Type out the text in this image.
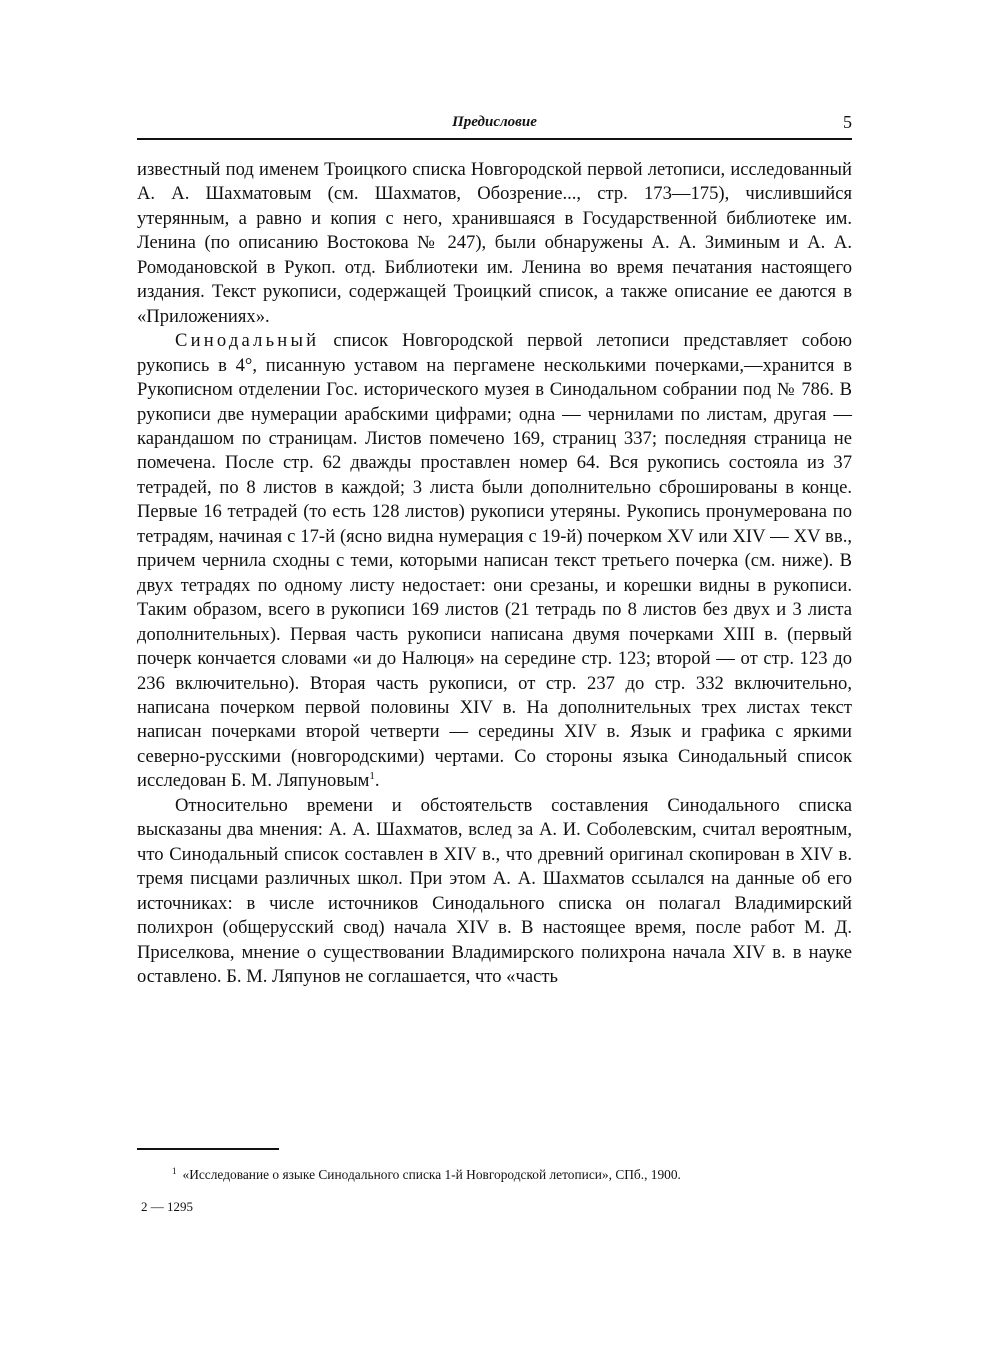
Предисловие	5

известный под именем Троицкого списка Новгородской первой летописи, исследованный А. А. Шахматовым (см. Шахматов, Обозрение..., стр. 173—175), числившийся утерянным, а равно и копия с него, хранившаяся в Государственной библиотеке им. Ленина (по описанию Востокова № 247), были обнаружены А. А. Зиминым и А. А. Ромодановской в Рукоп. отд. Библиотеки им. Ленина во время печатания настоящего издания. Текст рукописи, содержащей Троицкий список, а также описание ее даются в «Приложениях».

Синодальный список Новгородской первой летописи представляет собою рукопись в 4°, писанную уставом на пергамене несколькими почерками,—хранится в Рукописном отделении Гос. исторического музея в Синодальном собрании под № 786. В рукописи две нумерации арабскими цифрами; одна — чернилами по листам, другая — карандашом по страницам. Листов помечено 169, страниц 337; последняя страница не помечена. После стр. 62 дважды проставлен номер 64. Вся рукопись состояла из 37 тетрадей, по 8 листов в каждой; 3 листа были дополнительно сброшированы в конце. Первые 16 тетрадей (то есть 128 листов) рукописи утеряны. Рукопись пронумерована по тетрадям, начиная с 17-й (ясно видна нумерация с 19-й) почерком XV или XIV — XV вв., причем чернила сходны с теми, которыми написан текст третьего почерка (см. ниже). В двух тетрадях по одному листу недостает: они срезаны, и корешки видны в рукописи. Таким образом, всего в рукописи 169 листов (21 тетрадь по 8 листов без двух и 3 листа дополнительных). Первая часть рукописи написана двумя почерками XIII в. (первый почерк кончается словами «и до Налюця» на середине стр. 123; второй — от стр. 123 до 236 включительно). Вторая часть рукописи, от стр. 237 до стр. 332 включительно, написана почерком первой половины XIV в. На дополнительных трех листах текст написан почерками второй четверти — середины XIV в. Язык и графика с яркими северно-русскими (новгородскими) чертами. Со стороны языка Синодальный список исследован Б. М. Ляпуновым$^1$.

Относительно времени и обстоятельств составления Синодального списка высказаны два мнения: А. А. Шахматов, вслед за А. И. Соболевским, считал вероятным, что Синодальный список составлен в XIV в., что древний оригинал скопирован в XIV в. тремя писцами различных школ. При этом А. А. Шахматов ссылался на данные об его источниках: в числе источников Синодального списка он полагал Владимирский полихрон (общерусский свод) начала XIV в. В настоящее время, после работ М. Д. Приселкова, мнение о существовании Владимирского полихрона начала XIV в. в науке оставлено. Б. М. Ляпунов не соглашается, что «часть

$^1$ «Исследование о языке Синодального списка 1-й Новгородской летописи», СПб., 1900.
2 — 1295
